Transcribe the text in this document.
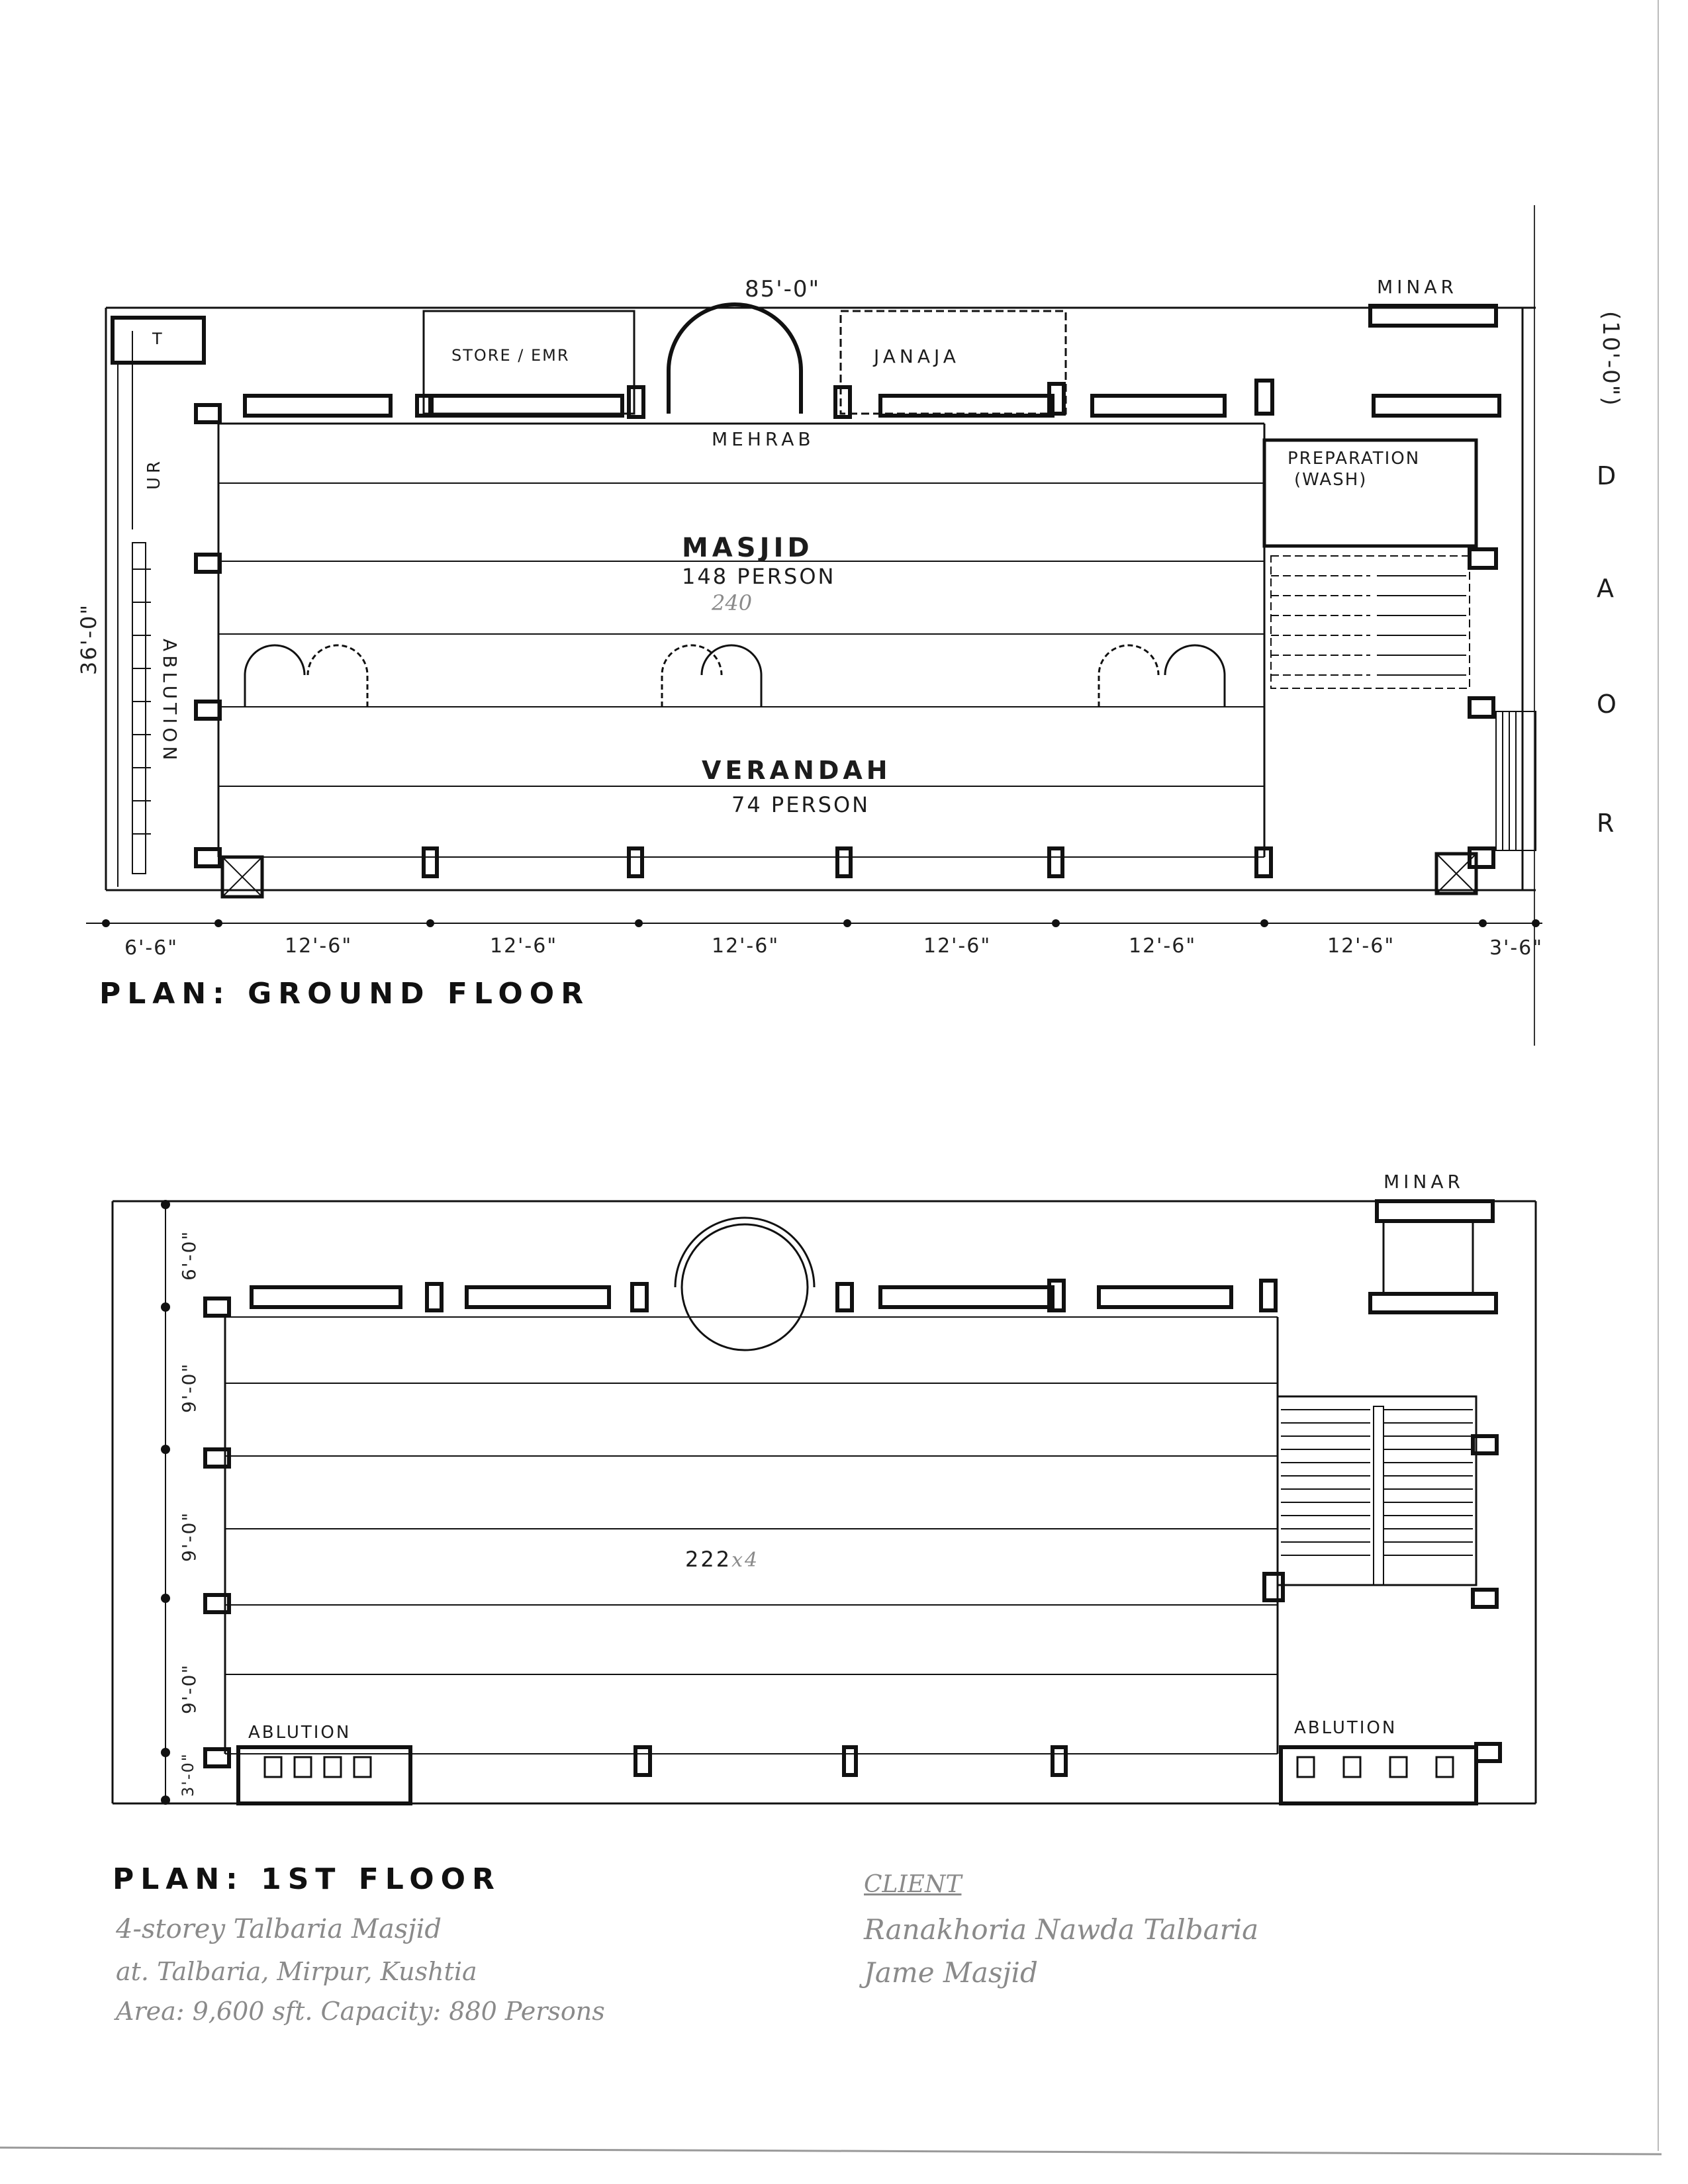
T
85'-0"	MINAR
STORE / EMR	JANAJA
MEHRAB
PREPARATION
(WASH)
MASJID
148 PERSON
240
VERANDAH
74 PERSON
ABLUTION
UR
36'-0"
(10'-0")
R
O
A
D
6'-6"	12'-6"	12'-6"	12'-6"	12'-6"	12'-6"	12'-6"	3'-6"
PLAN: GROUND FLOOR
MINAR
222x4
ABLUTION	ABLUTION
6'-0"
9'-0"
9'-0"
9'-0"
3'-0"
PLAN: 1ST FLOOR
4-storey Talbaria Masjid
at. Talbaria, Mirpur, Kushtia
Area: 9,600 sft. Capacity: 880 Persons
CLIENT
Ranakhoria Nawda Talbaria
Jame Masjid
